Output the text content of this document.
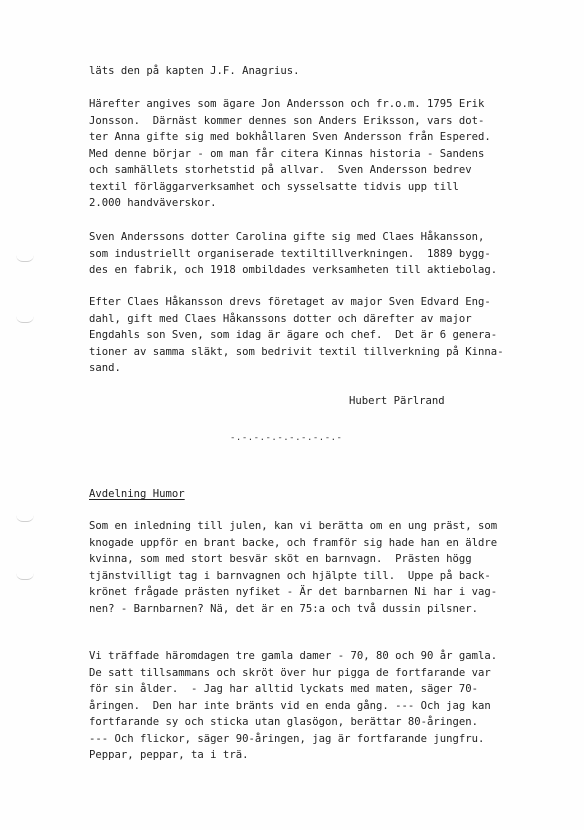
läts den på kapten J.F. Anagrius.
Härefter angives som ägare Jon Andersson och fr.o.m. 1795 Erik
Jonsson.  Därnäst kommer dennes son Anders Eriksson, vars dot-
ter Anna gifte sig med bokhållaren Sven Andersson från Espered.
Med denne börjar - om man får citera Kinnas historia - Sandens
och samhällets storhetstid på allvar.  Sven Andersson bedrev
textil förläggarverksamhet och sysselsatte tidvis upp till
2.000 handväverskor.
Sven Anderssons dotter Carolina gifte sig med Claes Håkansson,
som industriellt organiserade textiltillverkningen.  1889 bygg-
des en fabrik, och 1918 ombildades verksamheten till aktiebolag.
Efter Claes Håkansson drevs företaget av major Sven Edvard Eng-
dahl, gift med Claes Håkanssons dotter och därefter av major
Engdahls son Sven, som idag är ägare och chef.  Det är 6 genera-
tioner av samma släkt, som bedrivit textil tillverkning på Kinna-
sand.
Hubert Pärlrand
-.-.-.-.-.-.-.-.-.-
Avdelning Humor
Som en inledning till julen, kan vi berätta om en ung präst, som
knogade uppför en brant backe, och framför sig hade han en äldre
kvinna, som med stort besvär sköt en barnvagn.  Prästen högg
tjänstvilligt tag i barnvagnen och hjälpte till.  Uppe på back-
krönet frågade prästen nyfiket - Är det barnbarnen Ni har i vag-
nen? - Barnbarnen? Nä, det är en 75:a och två dussin pilsner.
Vi träffade häromdagen tre gamla damer - 70, 80 och 90 år gamla.
De satt tillsammans och skröt över hur pigga de fortfarande var
för sin ålder.  - Jag har alltid lyckats med maten, säger 70-
åringen.  Den har inte bränts vid en enda gång. --- Och jag kan
fortfarande sy och sticka utan glasögon, berättar 80-åringen.
--- Och flickor, säger 90-åringen, jag är fortfarande jungfru.
Peppar, peppar, ta i trä.
